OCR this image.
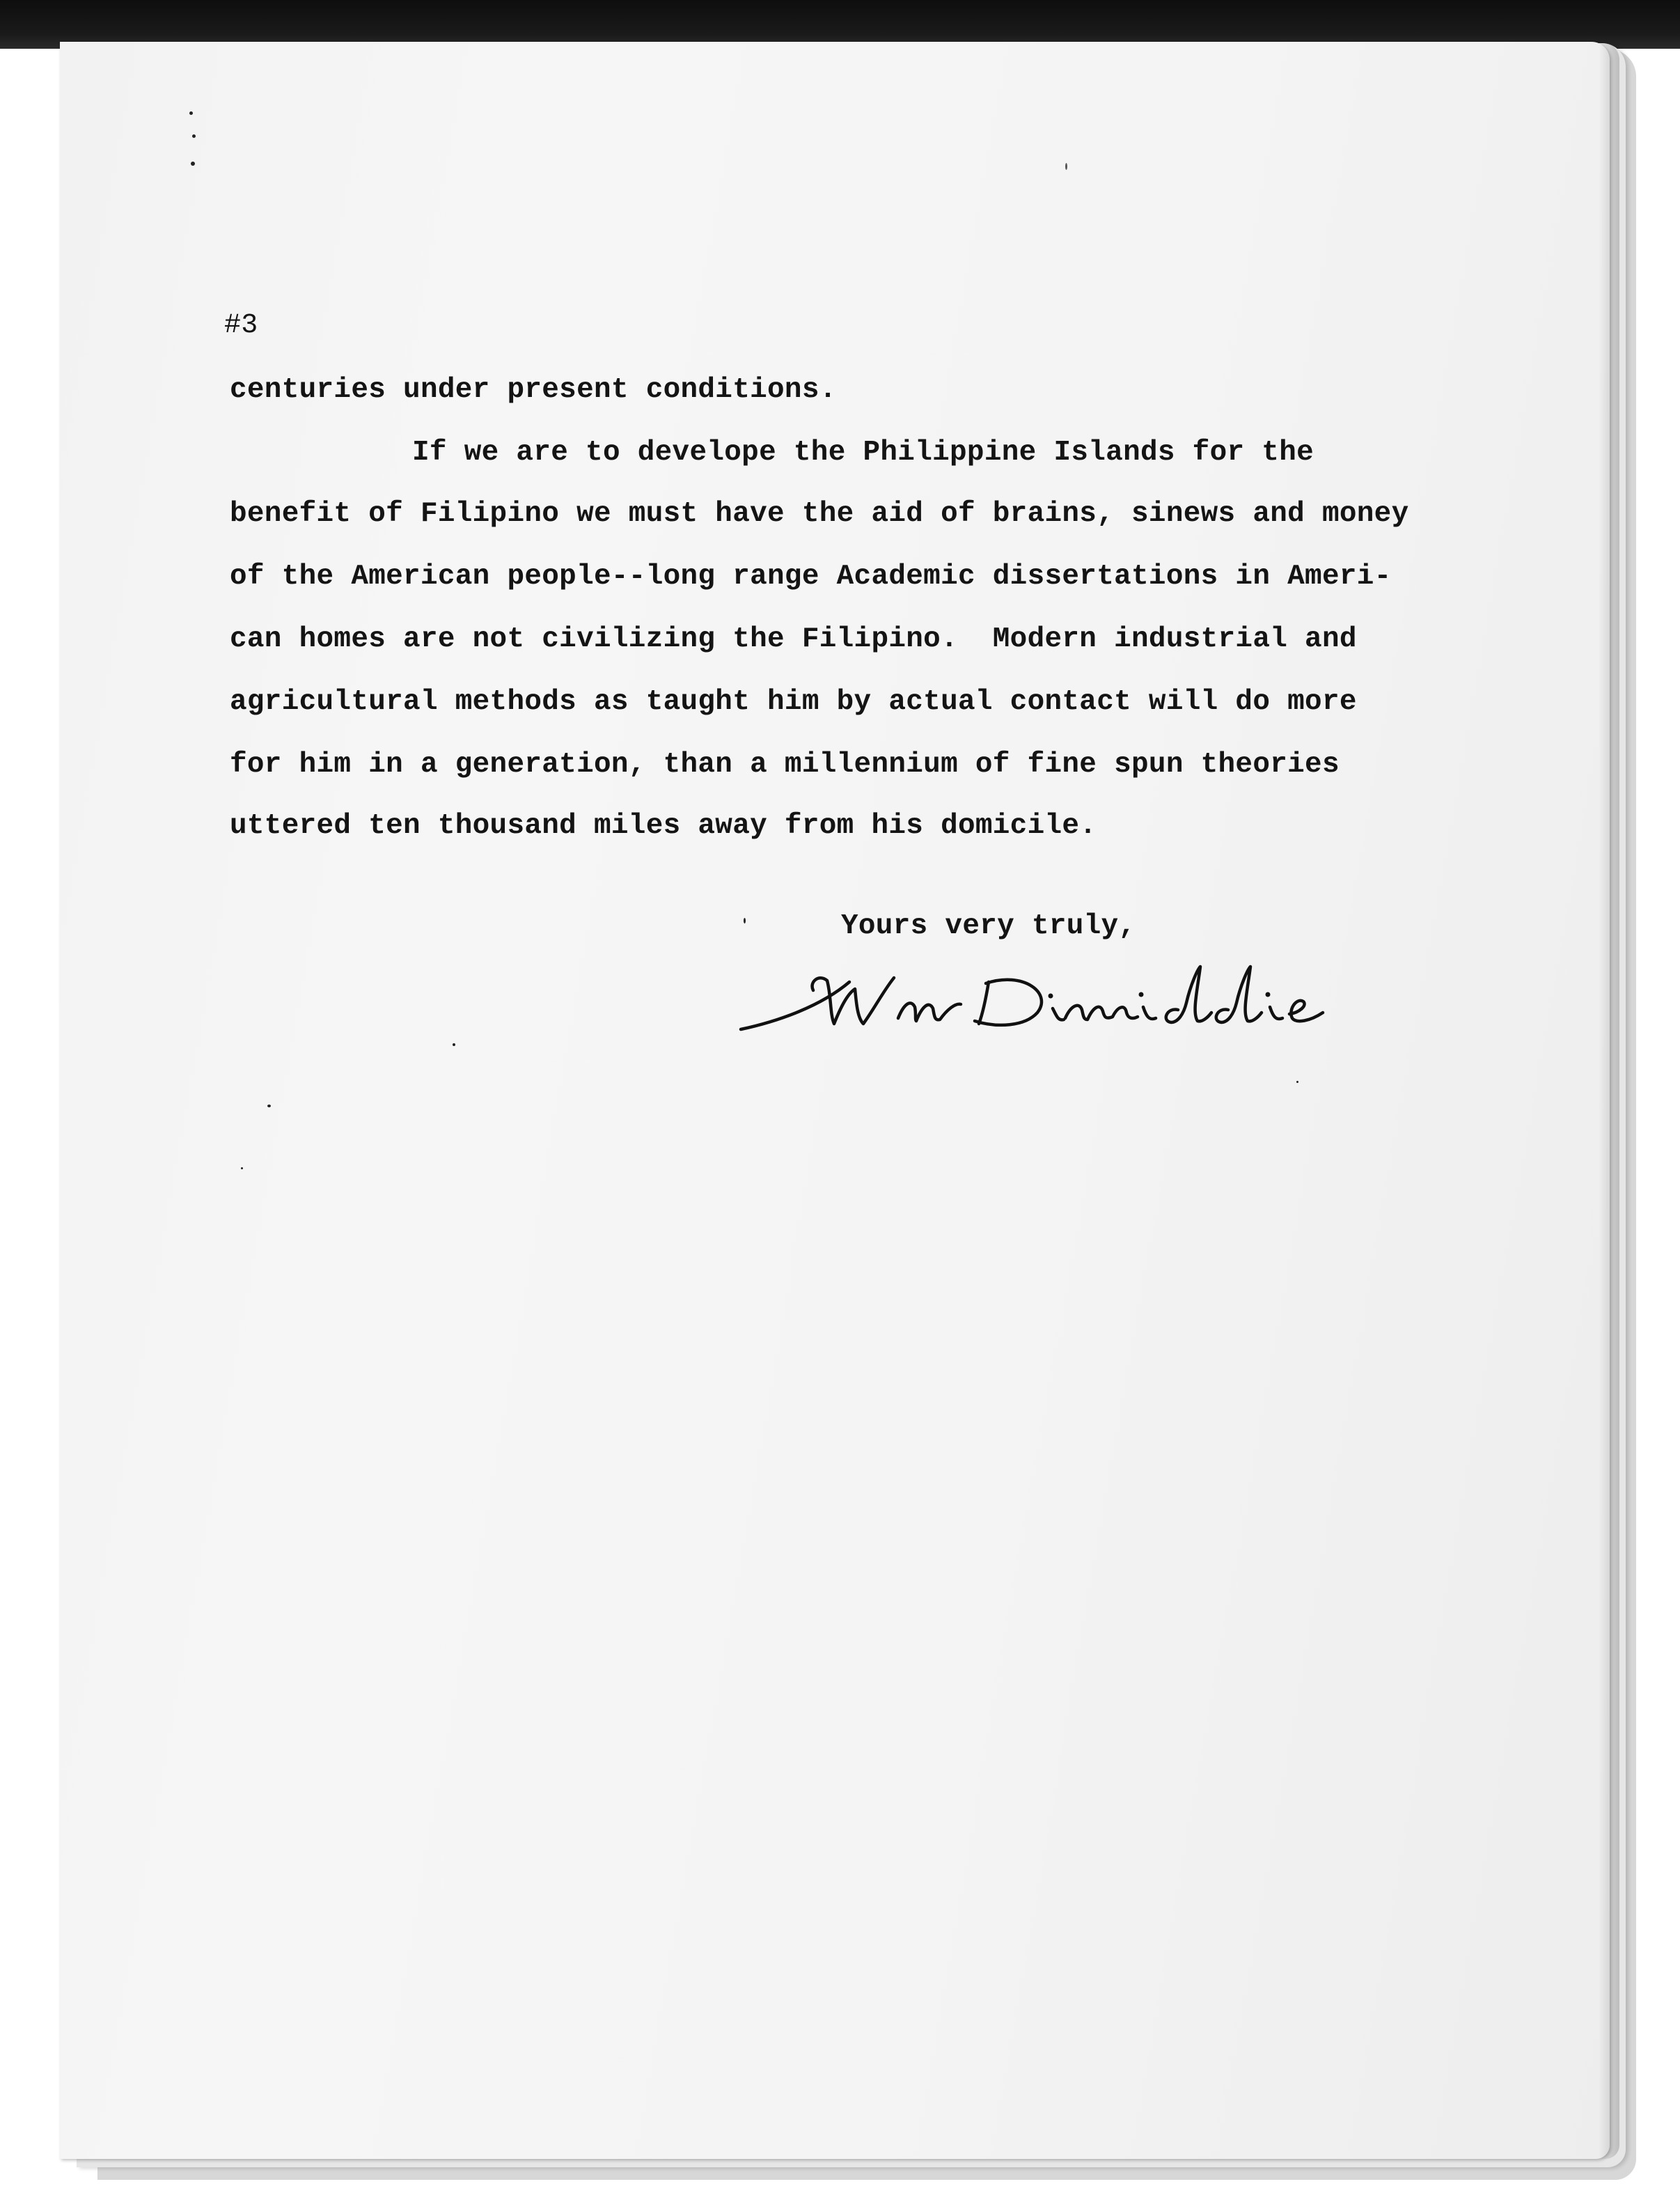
#3
centuries under present conditions.
If we are to develope the Philippine Islands for the
benefit of Filipino we must have the aid of brains, sinews and money
of the American people--long range Academic dissertations in Ameri-
can homes are not civilizing the Filipino.  Modern industrial and
agricultural methods as taught him by actual contact will do more
for him in a generation, than a millennium of fine spun theories
uttered ten thousand miles away from his domicile.
Yours very truly,
